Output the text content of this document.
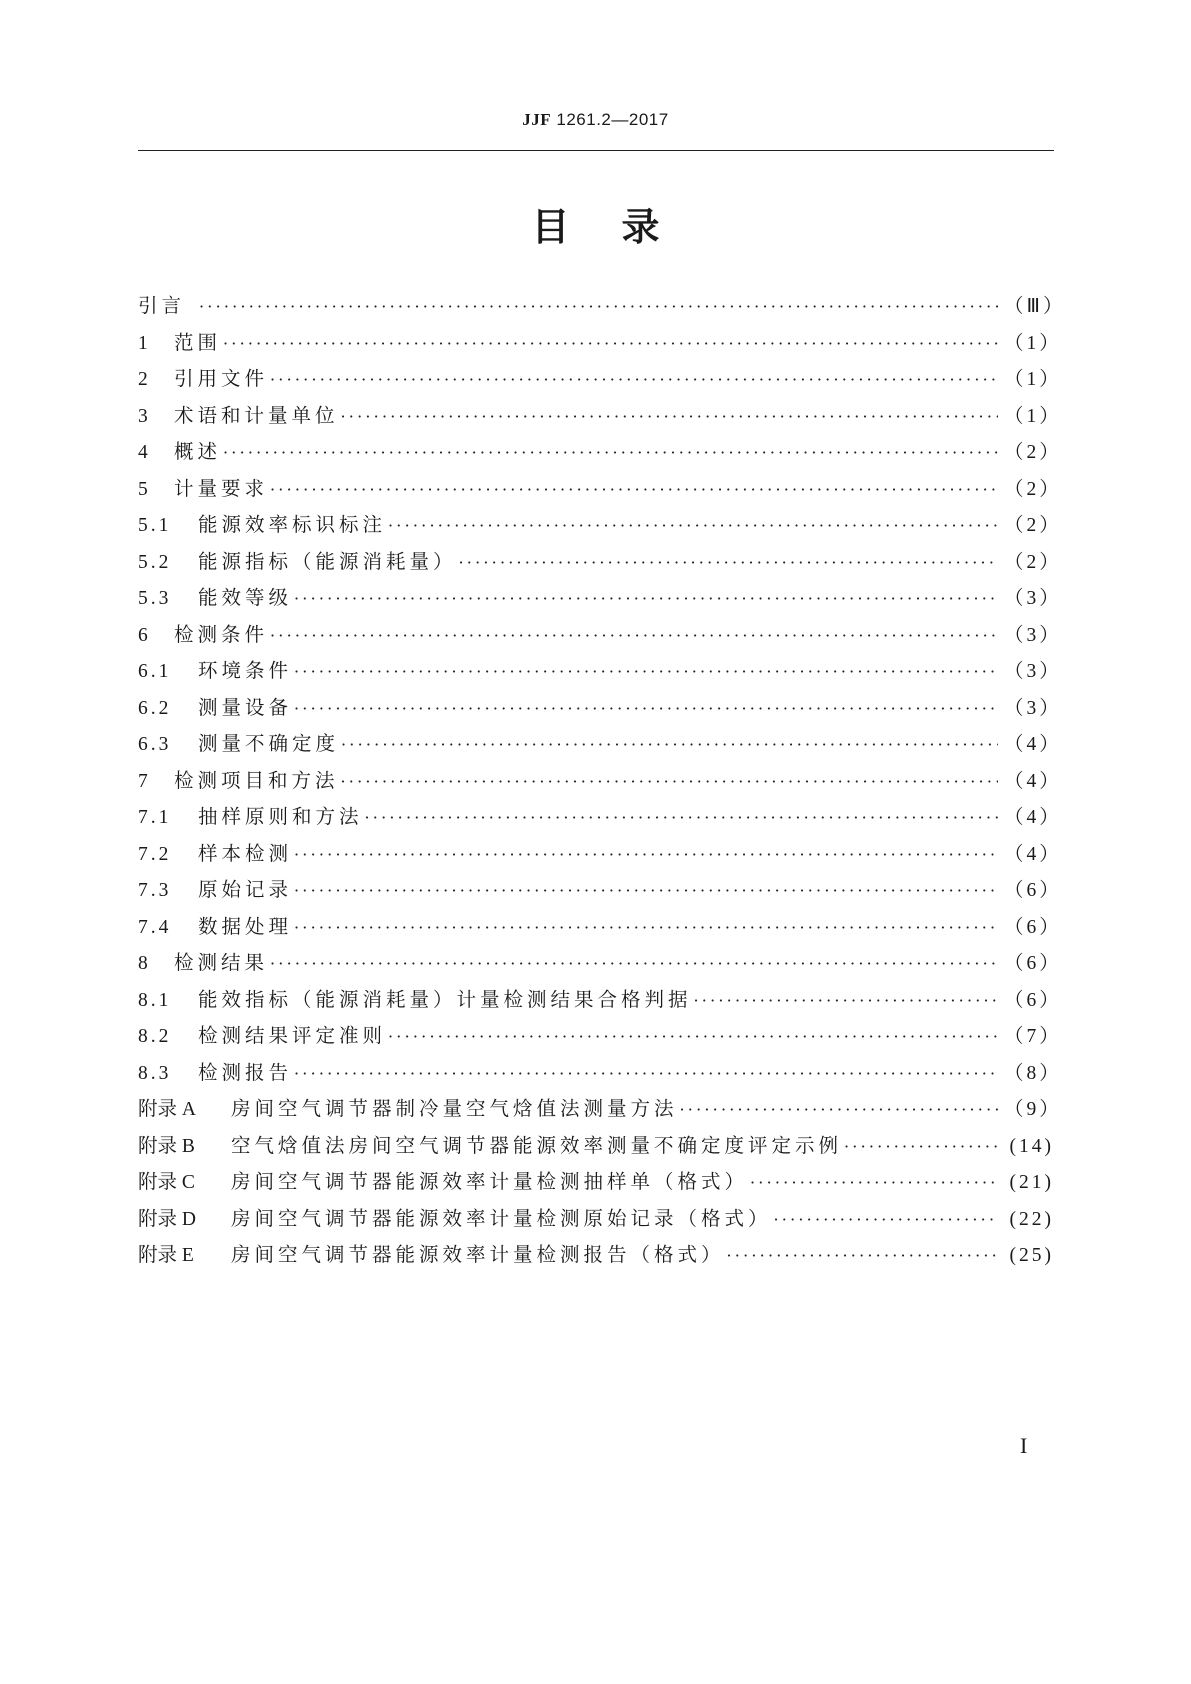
JJF 1261.2—2017
目录
引言 ·····	（Ⅲ）
1	范围 ·····	（1）
2	引用文件 ·····	（1）
3	术语和计量单位 ·····	（1）
4	概述 ·····	（2）
5	计量要求 ·····	（2）
5.1	能源效率标识标注 ·····	（2）
5.2	能源指标（能源消耗量） ·····	（2）
5.3	能效等级 ·····	（3）
6	检测条件 ·····	（3）
6.1	环境条件 ·····	（3）
6.2	测量设备 ·····	（3）
6.3	测量不确定度 ·····	（4）
7	检测项目和方法 ·····	（4）
7.1	抽样原则和方法 ·····	（4）
7.2	样本检测 ·····	（4）
7.3	原始记录 ·····	（6）
7.4	数据处理 ·····	（6）
8	检测结果 ·····	（6）
8.1	能效指标（能源消耗量）计量检测结果合格判据 ·····	（6）
8.2	检测结果评定准则 ·····	（7）
8.3	检测报告 ·····	（8）
附录 A	房间空气调节器制冷量空气焓值法测量方法 ·····	（9）
附录 B	空气焓值法房间空气调节器能源效率测量不确定度评定示例 ·····	(14)
附录 C	房间空气调节器能源效率计量检测抽样单（格式） ·····	(21)
附录 D	房间空气调节器能源效率计量检测原始记录（格式） ·····	(22)
附录 E	房间空气调节器能源效率计量检测报告（格式） ·····	(25)
I
